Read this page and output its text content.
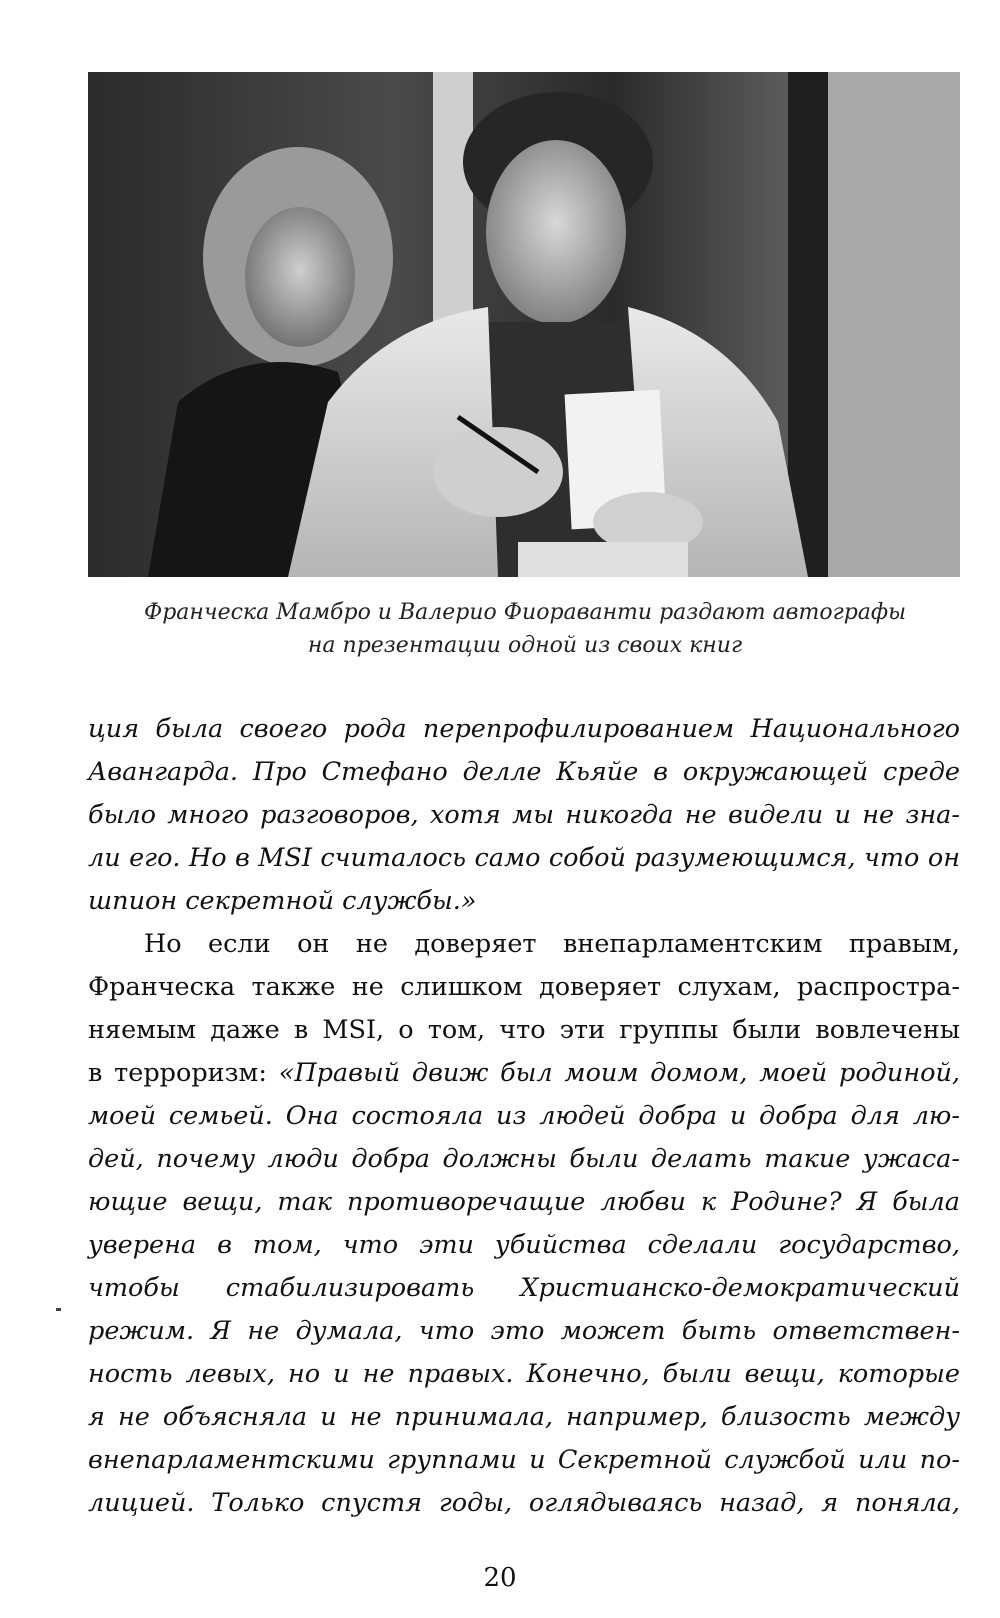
Франческа Мамбро и Валерио Фиораванти раздают автографы
на презентации одной из своих книг
ция была своего рода перепрофилированием Национального
Авангарда. Про Стефано делле Кьяйе в окружающей среде
было много разговоров, хотя мы никогда не видели и не зна-
ли его. Но в MSI считалось само собой разумеющимся, что он
шпион секретной службы.»
Но если он не доверяет внепарламентским правым,
Франческа также не слишком доверяет слухам, распростра-
няемым даже в MSI, о том, что эти группы были вовлечены
в терроризм: «Правый движ был моим домом, моей родиной,
моей семьей. Она состояла из людей добра и добра для лю-
дей, почему люди добра должны были делать такие ужаса-
ющие вещи, так противоречащие любви к Родине? Я была
уверена в том, что эти убийства сделали государство,
чтобы стабилизировать Христианско-демократический
режим. Я не думала, что это может быть ответствен-
ность левых, но и не правых. Конечно, были вещи, которые
я не объясняла и не принимала, например, близость между
внепарламентскими группами и Секретной службой или по-
лицией. Только спустя годы, оглядываясь назад, я поняла,
20
